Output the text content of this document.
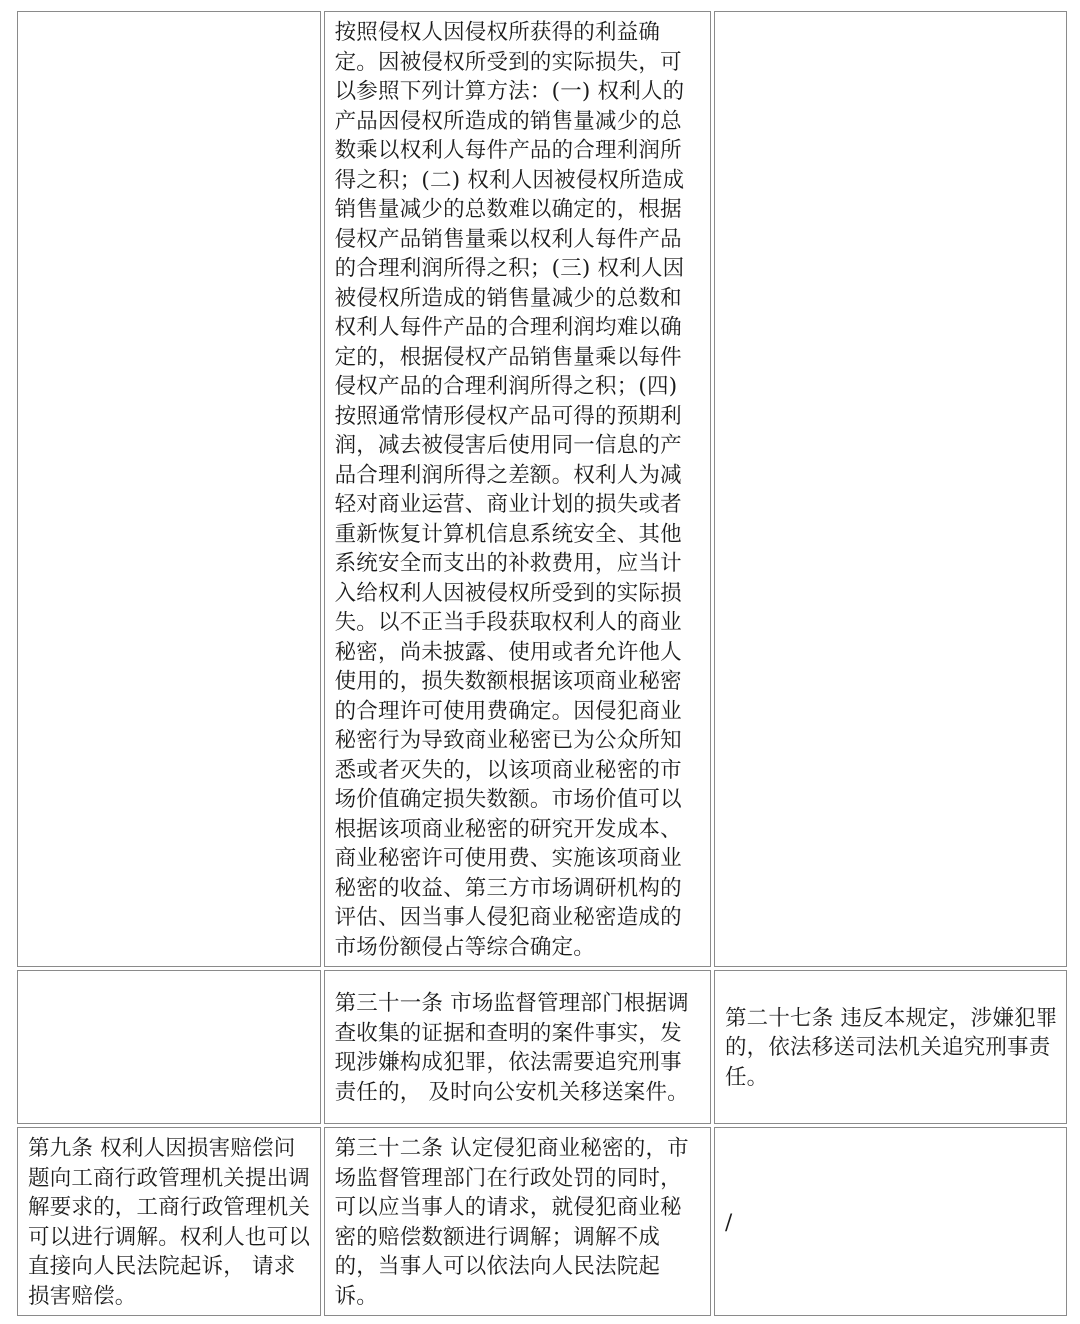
	按照侵权人因侵权所获得的利益确定。因被侵权所受到的实际损失，可以参照下列计算方法：(一) 权利人的产品因侵权所造成的销售量减少的总数乘以权利人每件产品的合理利润所得之积；(二) 权利人因被侵权所造成销售量减少的总数难以确定的，根据侵权产品销售量乘以权利人每件产品的合理利润所得之积；(三) 权利人因被侵权所造成的销售量减少的总数和权利人每件产品的合理利润均难以确定的，根据侵权产品销售量乘以每件侵权产品的合理利润所得之积；(四) 按照通常情形侵权产品可得的预期利润，减去被侵害后使用同一信息的产品合理利润所得之差额。权利人为减轻对商业运营、商业计划的损失或者重新恢复计算机信息系统安全、其他系统安全而支出的补救费用，应当计入给权利人因被侵权所受到的实际损失。以不正当手段获取权利人的商业秘密，尚未披露、使用或者允许他人使用的，损失数额根据该项商业秘密的合理许可使用费确定。因侵犯商业秘密行为导致商业秘密已为公众所知悉或者灭失的，以该项商业秘密的市场价值确定损失数额。市场价值可以根据该项商业秘密的研究开发成本、商业秘密许可使用费、实施该项商业秘密的收益、第三方市场调研机构的评估、因当事人侵犯商业秘密造成的市场份额侵占等综合确定。	
	第三十一条 市场监督管理部门根据调查收集的证据和查明的案件事实，发现涉嫌构成犯罪，依法需要追究刑事责任的， 及时向公安机关移送案件。	第二十七条 违反本规定，涉嫌犯罪的，依法移送司法机关追究刑事责任。
第九条 权利人因损害赔偿问题向工商行政管理机关提出调解要求的，工商行政管理机关可以进行调解。权利人也可以直接向人民法院起诉， 请求损害赔偿。	第三十二条 认定侵犯商业秘密的，市场监督管理部门在行政处罚的同时，可以应当事人的请求，就侵犯商业秘密的赔偿数额进行调解；调解不成的，当事人可以依法向人民法院起诉。	/
